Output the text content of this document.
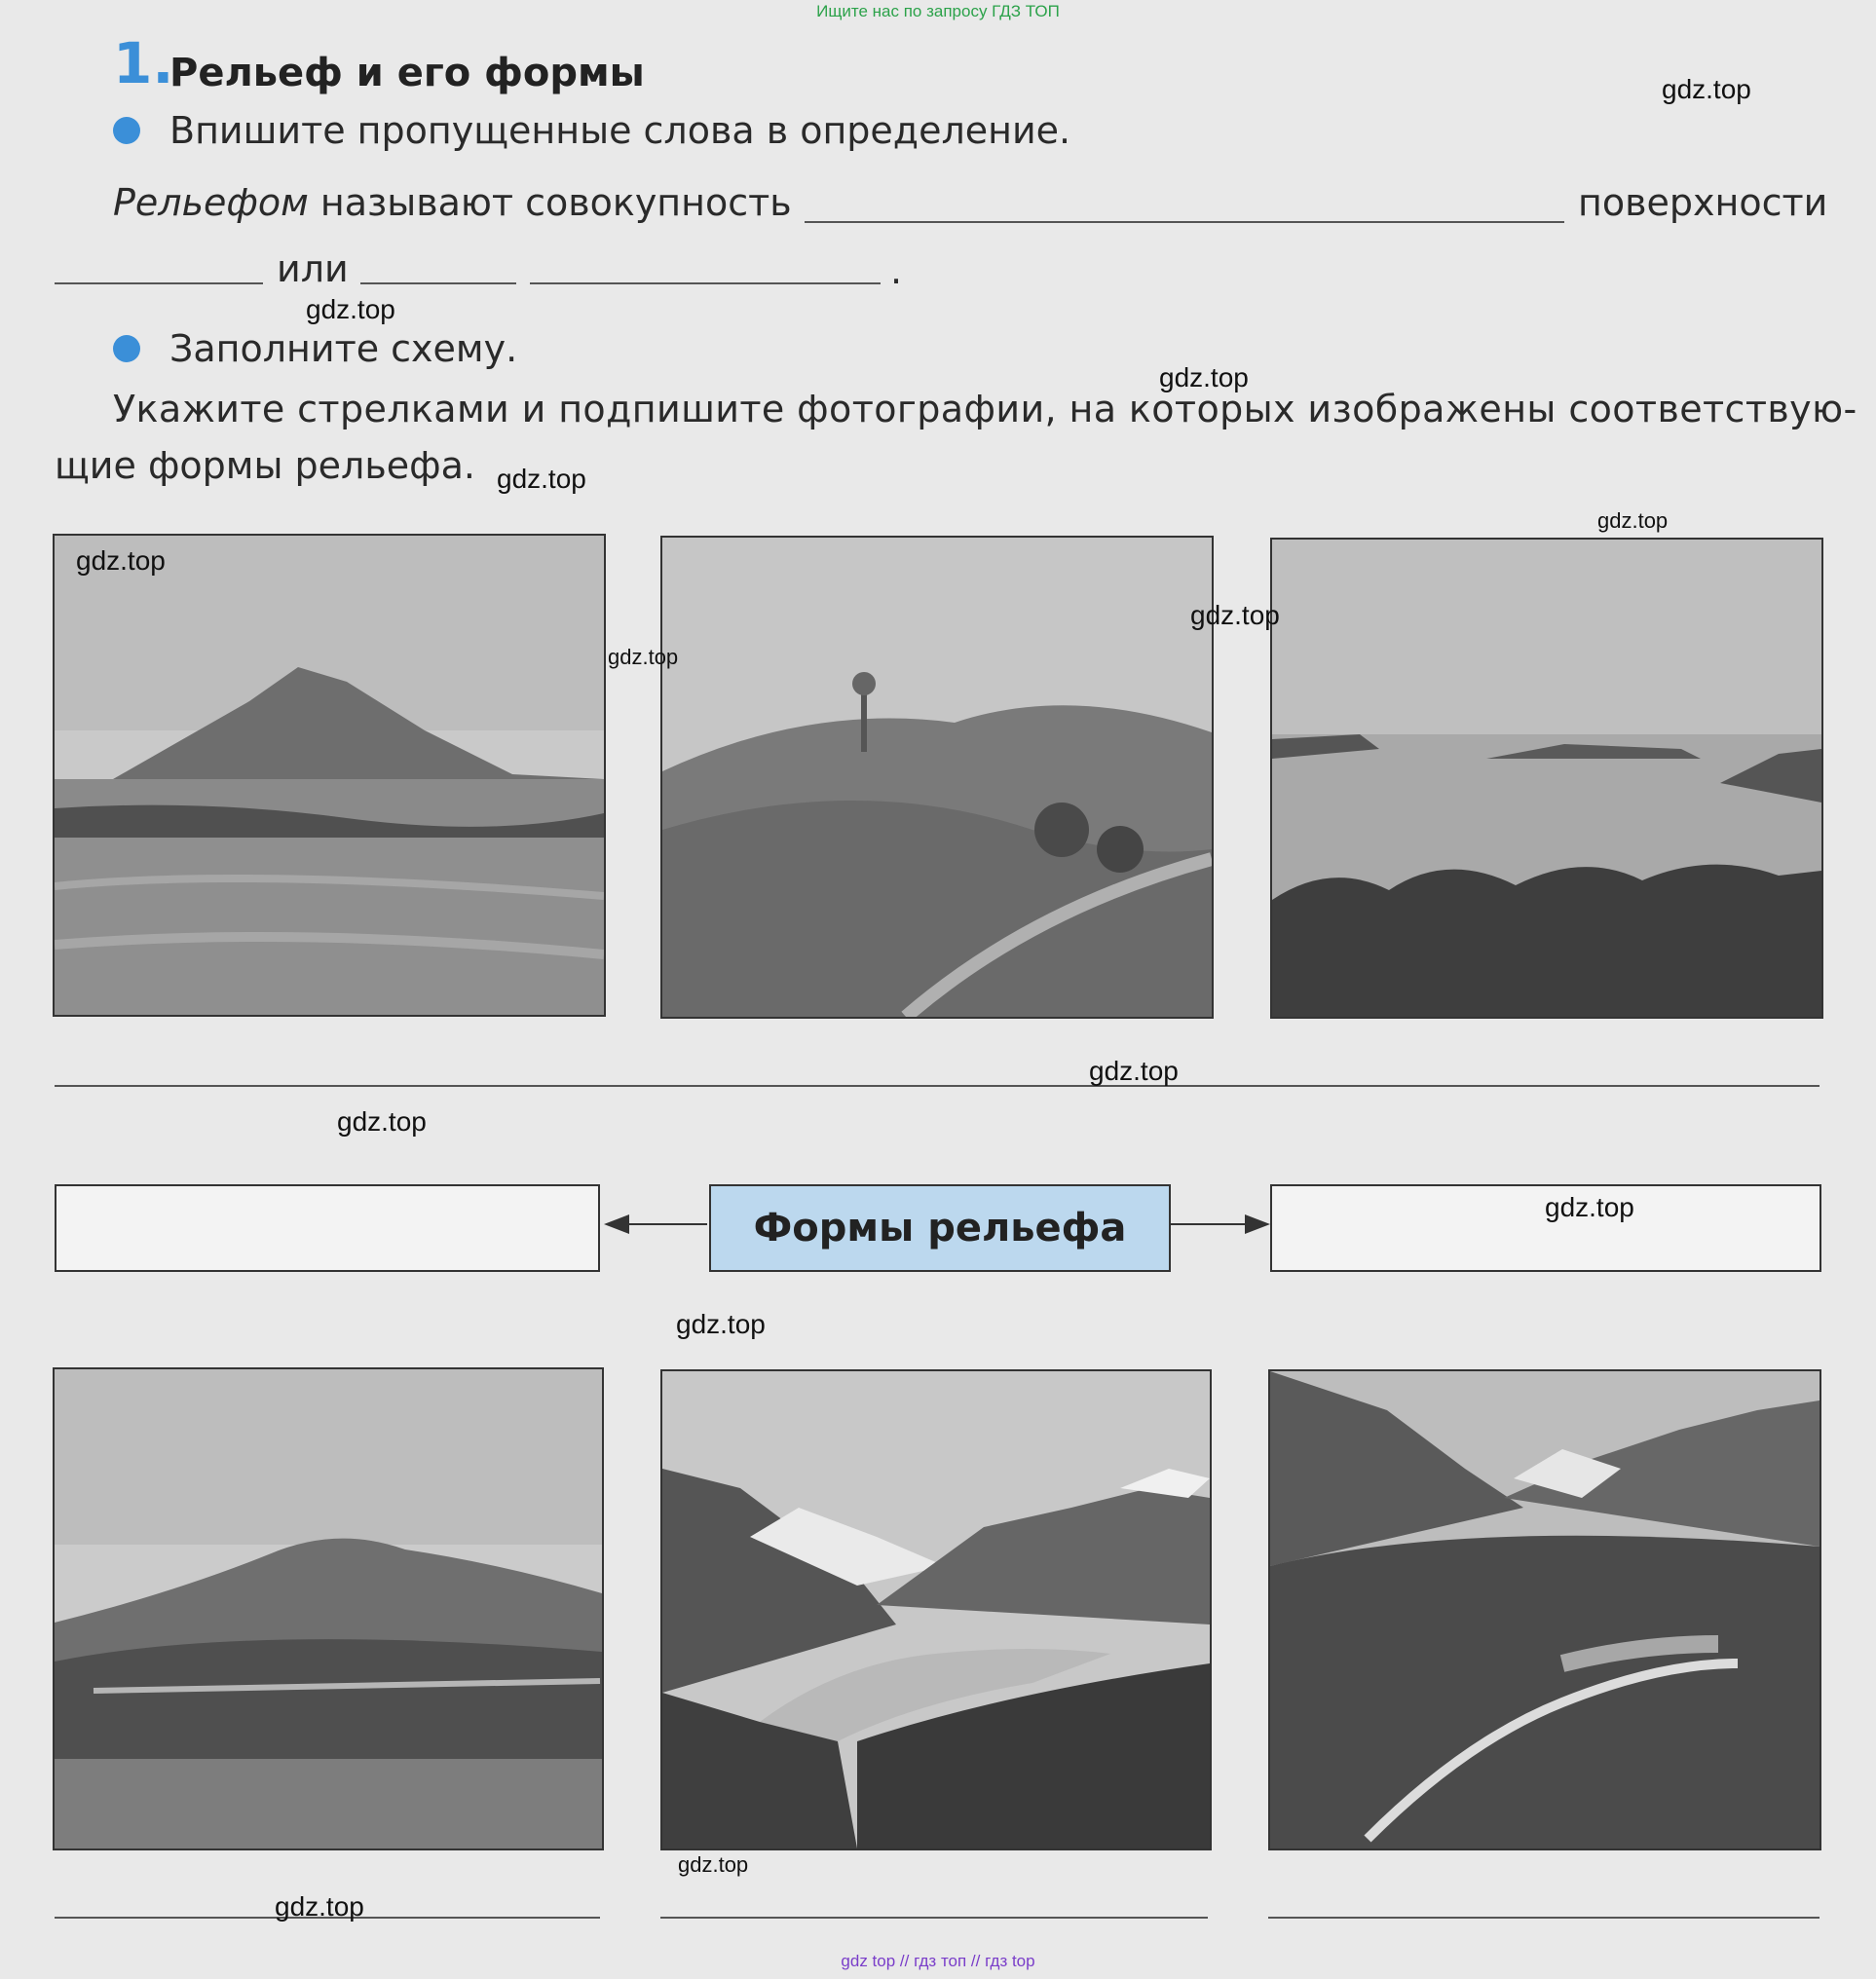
Ищите нас по запросу ГДЗ ТОП
gdz top // гдз топ // гдз top
1.
Рельеф и его формы
Впишите пропущенные слова в определение.
Рельефом называют совокупность	поверхности
или	.
Заполните схему.
Укажите стрелками и подпишите фотографии, на которых изображены соответствую-
щие формы рельефа.
Формы рельефа
gdz.top
gdz.top
gdz.top
gdz.top
gdz.top
gdz.top
gdz.top
gdz.top
gdz.top
gdz.top
gdz.top
gdz.top
gdz.top
gdz.top
